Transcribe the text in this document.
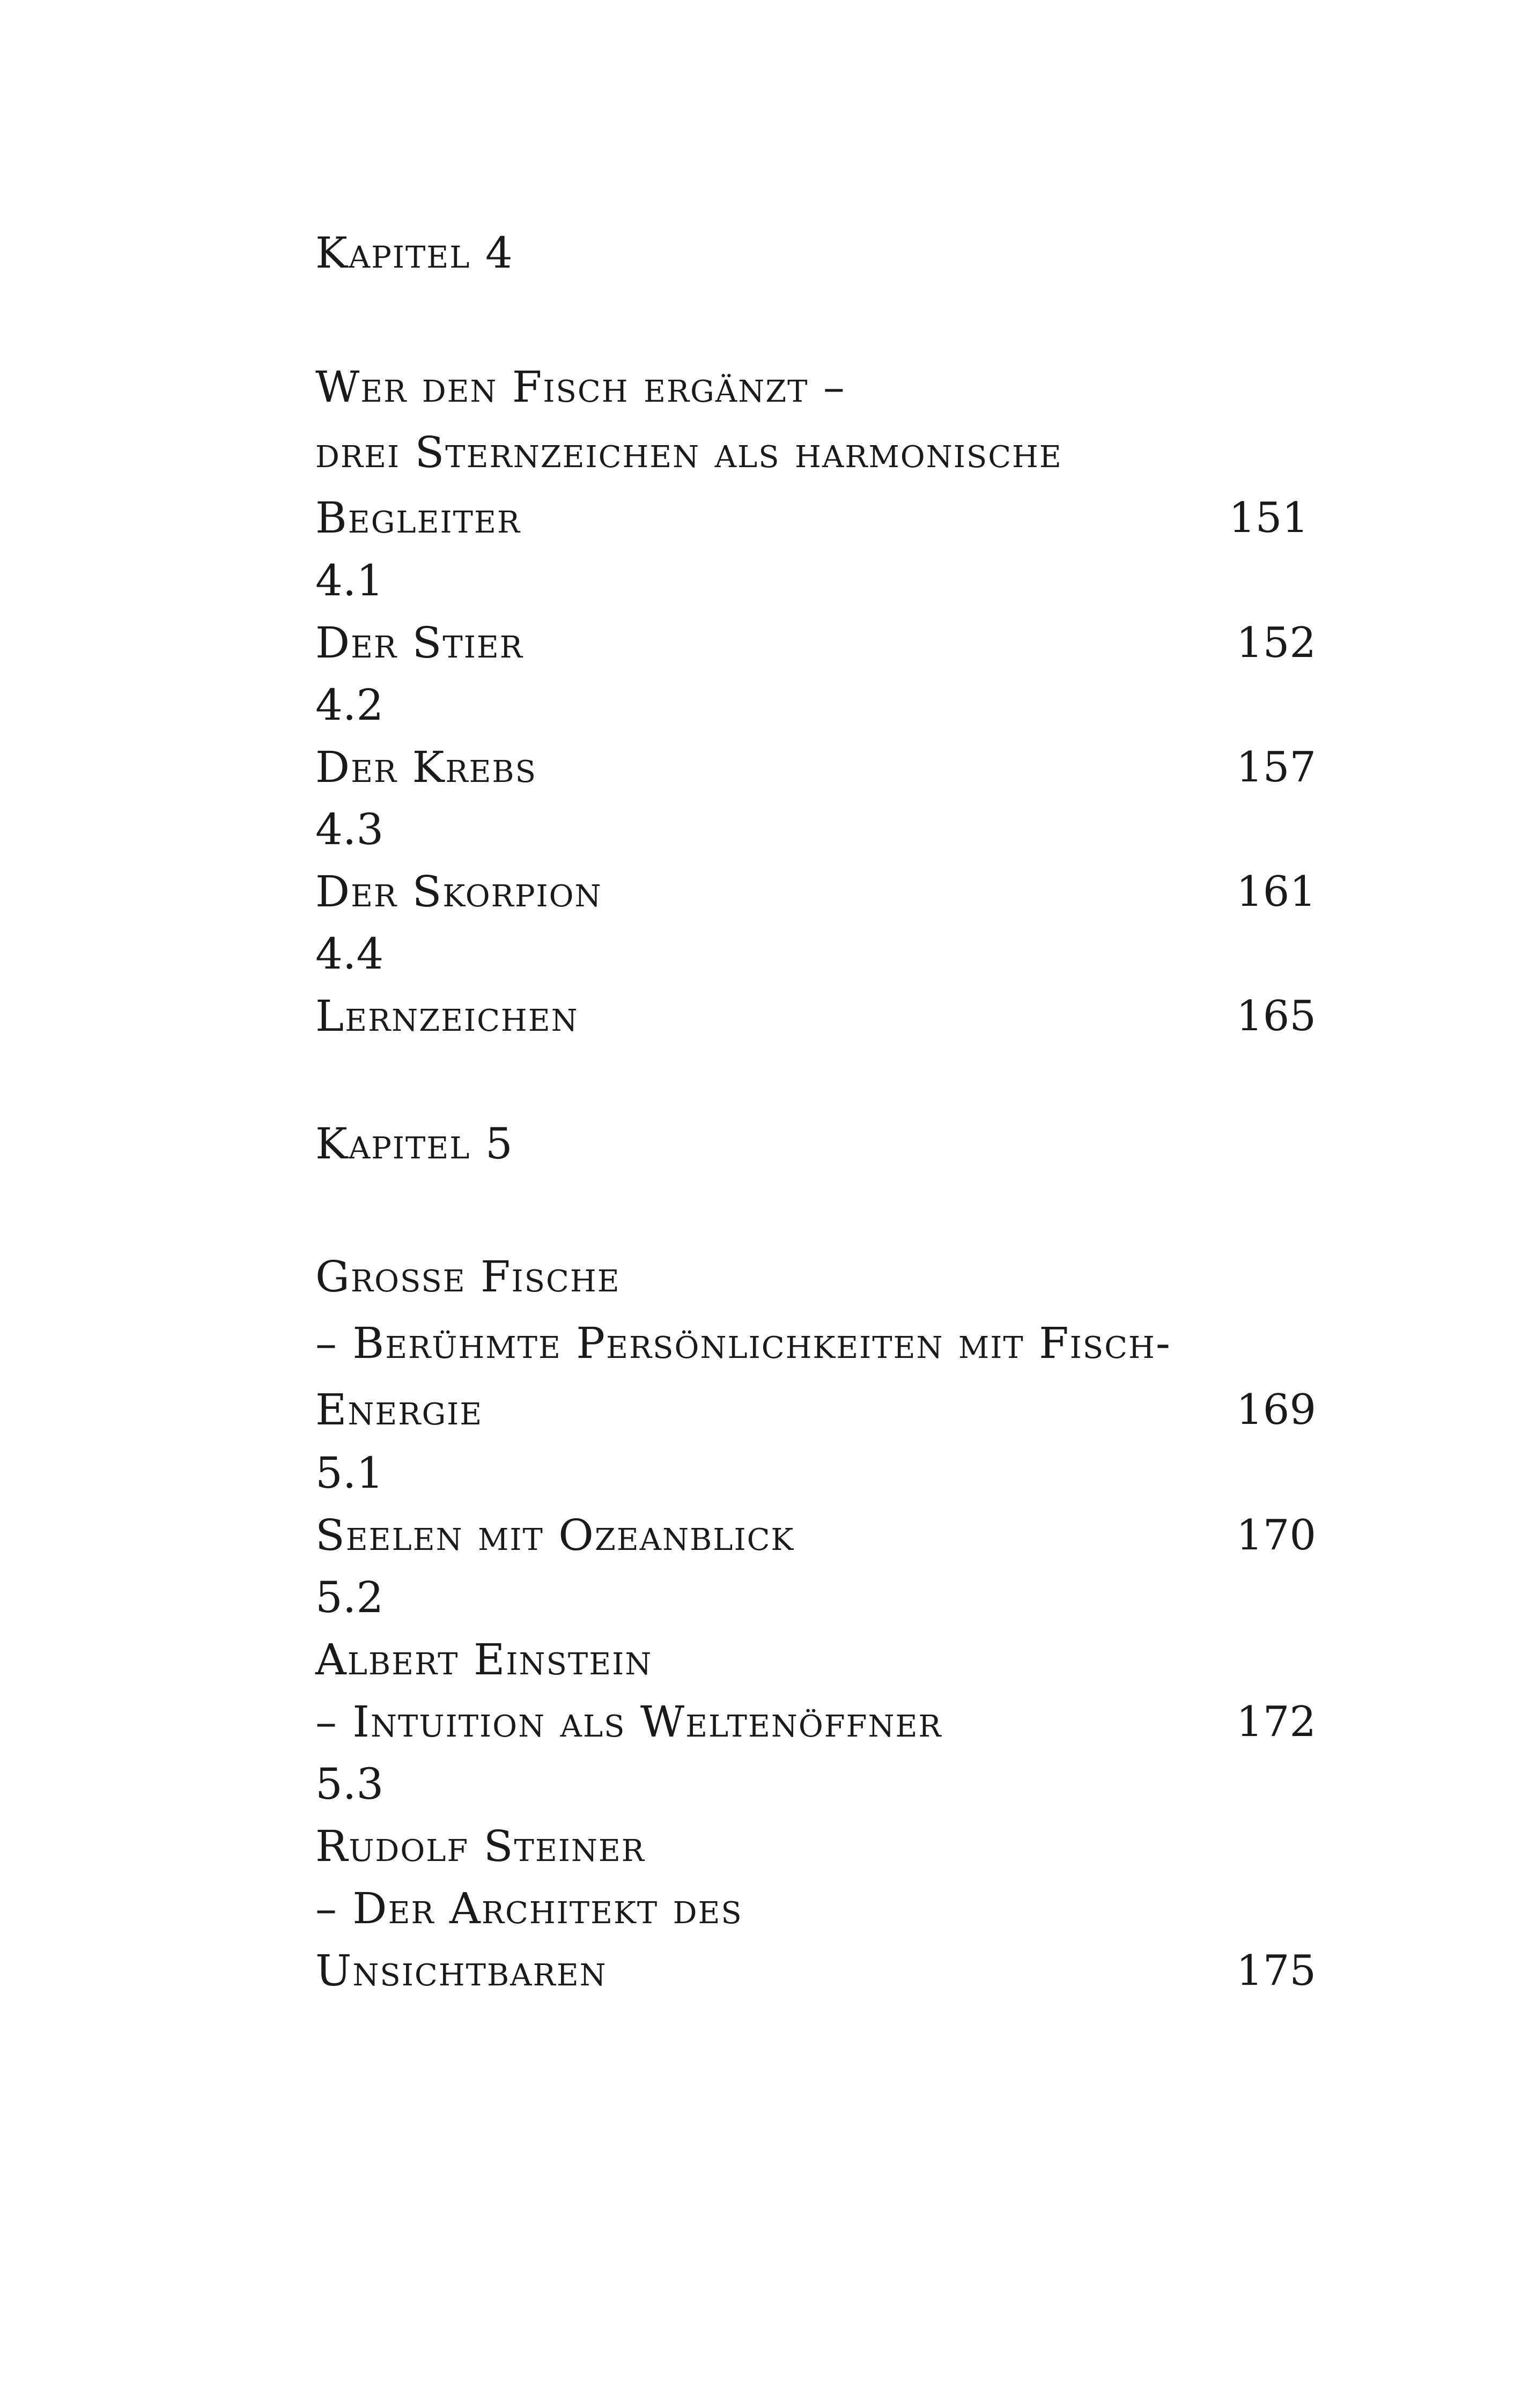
Kapitel 4
Wer den Fisch ergänzt –
drei Sternzeichen als harmonische
Begleiter	151
4.1
Der Stier	152
4.2
Der Krebs	157
4.3
Der Skorpion	161
4.4
Lernzeichen	165
Kapitel 5
Grosse Fische
– Berühmte Persönlichkeiten mit Fisch-
Energie	169
5.1
Seelen mit Ozeanblick	170
5.2
Albert Einstein
– Intuition als Weltenöffner	172
5.3
Rudolf Steiner
– Der Architekt des
Unsichtbaren	175
